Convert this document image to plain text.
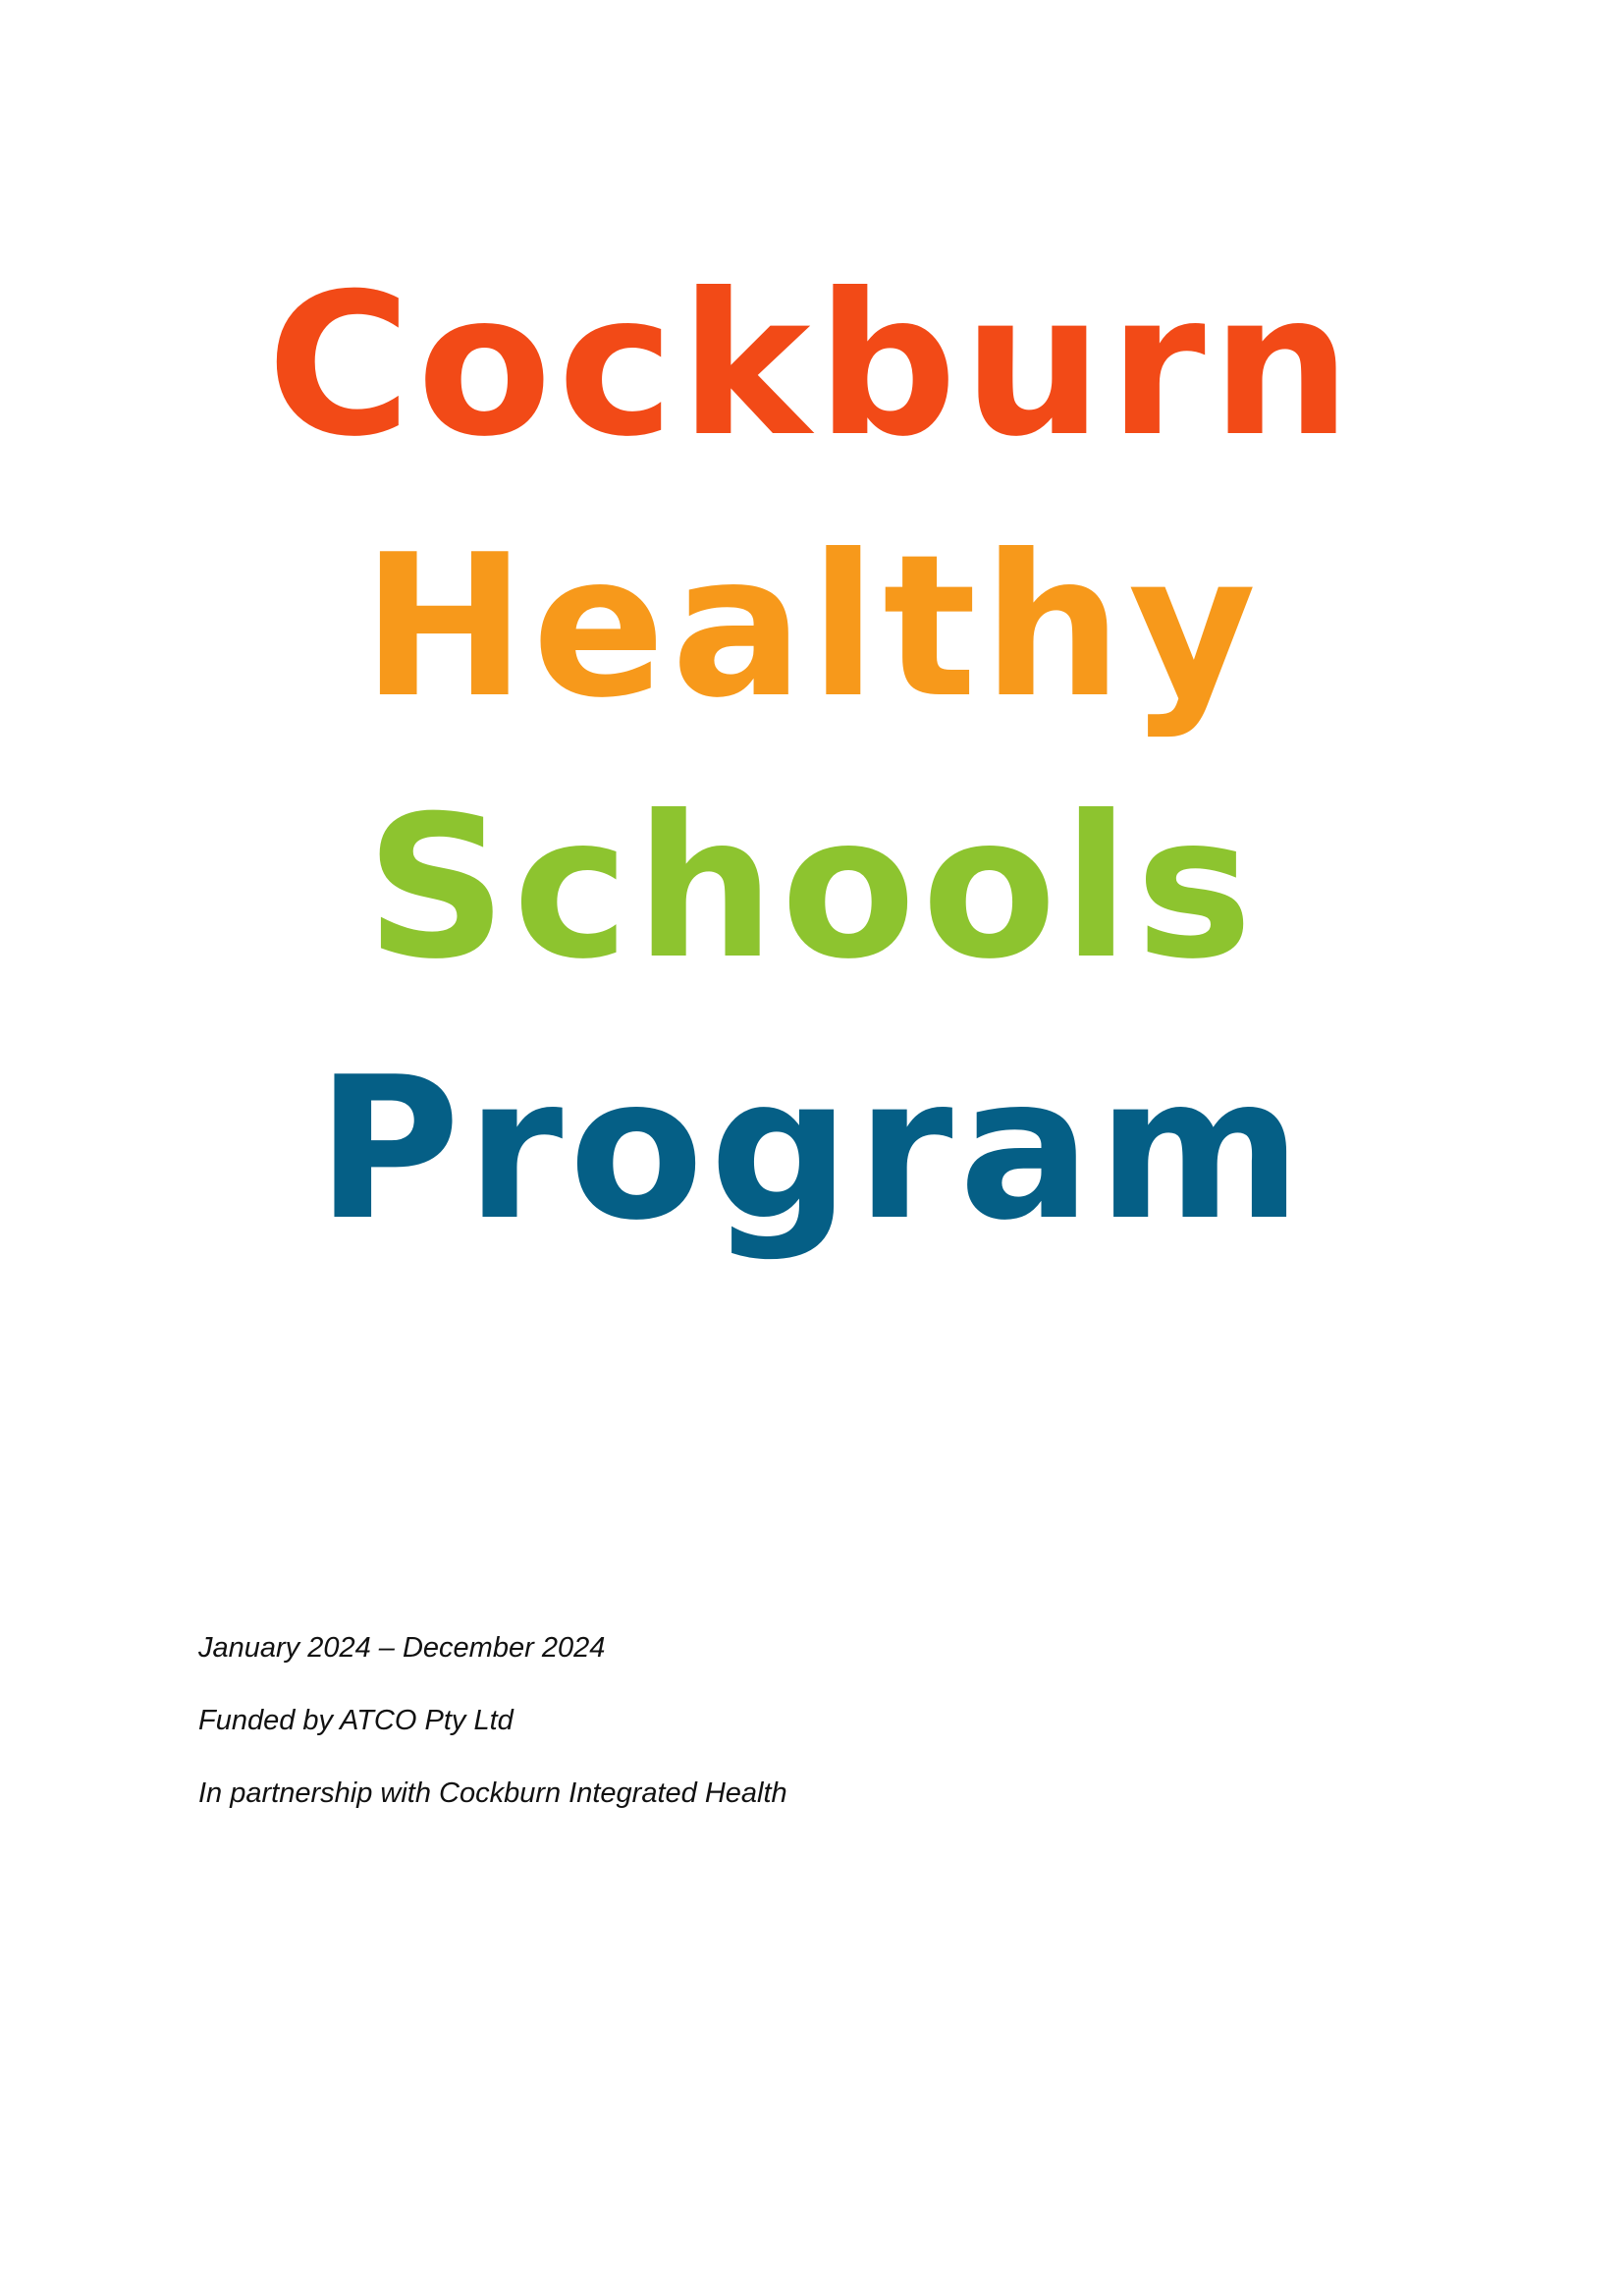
Cockburn
Healthy
Schools
Program
January 2024 – December 2024
Funded by ATCO Pty Ltd
In partnership with Cockburn Integrated Health
